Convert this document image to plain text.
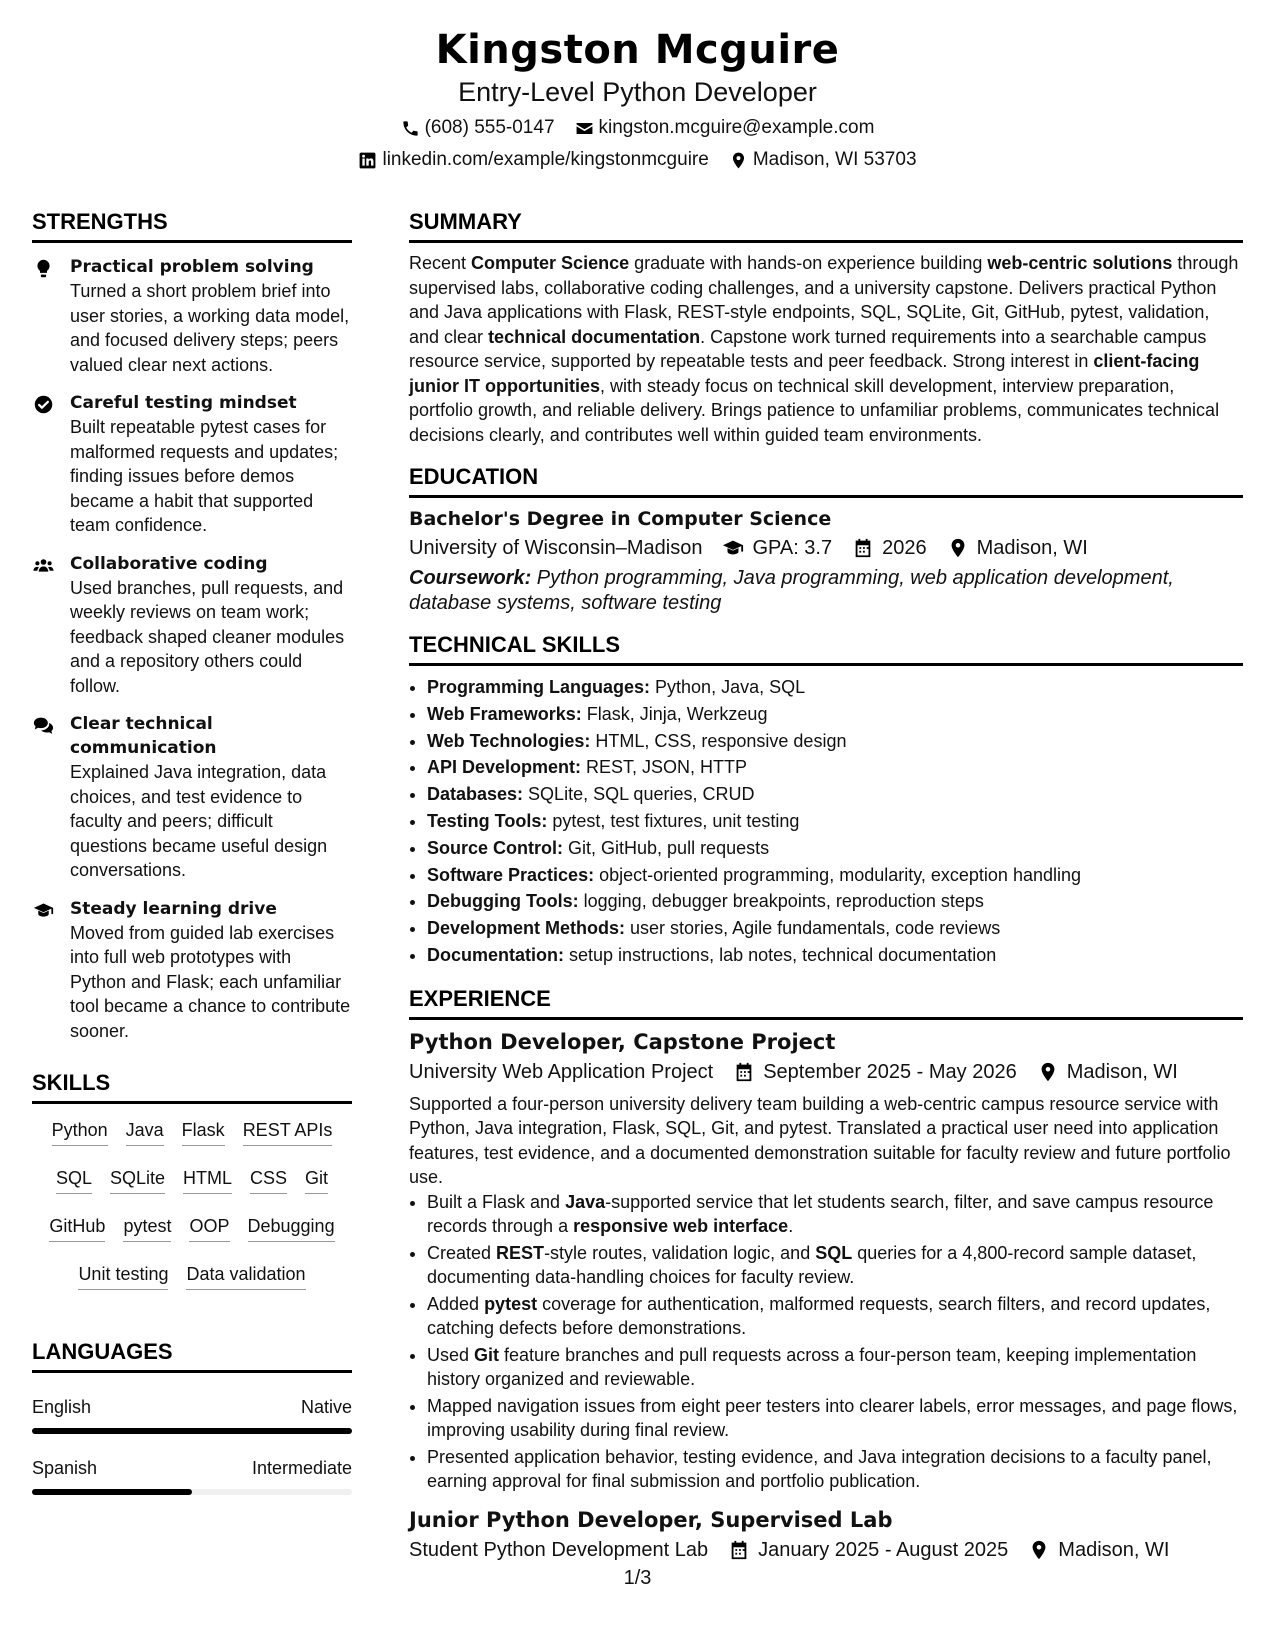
Kingston Mcguire
Entry-Level Python Developer
(608) 555-0147 kingston.mcguire@example.com
linkedin.com/example/kingstonmcguire Madison, WI 53703
STRENGTHS
Practical problem solving
Turned a short problem brief into user stories, a working data model, and focused delivery steps; peers valued clear next actions.
Careful testing mindset
Built repeatable pytest cases for malformed requests and updates; finding issues before demos became a habit that supported team confidence.
Collaborative coding
Used branches, pull requests, and weekly reviews on team work; feedback shaped cleaner modules and a repository others could follow.
Clear technical communication
Explained Java integration, data choices, and test evidence to faculty and peers; difficult questions became useful design conversations.
Steady learning drive
Moved from guided lab exercises into full web prototypes with Python and Flask; each unfamiliar tool became a chance to contribute sooner.
SKILLS
Python Java Flask REST APIs
SQL SQLite HTML CSS Git
GitHub pytest OOP Debugging
Unit testing Data validation
LANGUAGES
English	Native
Spanish	Intermediate
SUMMARY
Recent Computer Science graduate with hands-on experience building web-centric solutions through supervised labs, collaborative coding challenges, and a university capstone. Delivers practical Python and Java applications with Flask, REST-style endpoints, SQL, SQLite, Git, GitHub, pytest, validation, and clear technical documentation. Capstone work turned requirements into a searchable campus resource service, supported by repeatable tests and peer feedback. Strong interest in client-facing junior IT opportunities, with steady focus on technical skill development, interview preparation, portfolio growth, and reliable delivery. Brings patience to unfamiliar problems, communicates technical decisions clearly, and contributes well within guided team environments.
EDUCATION
Bachelor's Degree in Computer Science
University of Wisconsin–Madison	GPA: 3.7	2026	Madison, WI
Coursework: Python programming, Java programming, web application development, database systems, software testing
TECHNICAL SKILLS
• Programming Languages: Python, Java, SQL
• Web Frameworks: Flask, Jinja, Werkzeug
• Web Technologies: HTML, CSS, responsive design
• API Development: REST, JSON, HTTP
• Databases: SQLite, SQL queries, CRUD
• Testing Tools: pytest, test fixtures, unit testing
• Source Control: Git, GitHub, pull requests
• Software Practices: object-oriented programming, modularity, exception handling
• Debugging Tools: logging, debugger breakpoints, reproduction steps
• Development Methods: user stories, Agile fundamentals, code reviews
• Documentation: setup instructions, lab notes, technical documentation
EXPERIENCE
Python Developer, Capstone Project
University Web Application Project	September 2025 - May 2026	Madison, WI
Supported a four-person university delivery team building a web-centric campus resource service with Python, Java integration, Flask, SQL, Git, and pytest. Translated a practical user need into application features, test evidence, and a documented demonstration suitable for faculty review and future portfolio use.
• Built a Flask and Java-supported service that let students search, filter, and save campus resource records through a responsive web interface.
• Created REST-style routes, validation logic, and SQL queries for a 4,800-record sample dataset, documenting data-handling choices for faculty review.
• Added pytest coverage for authentication, malformed requests, search filters, and record updates, catching defects before demonstrations.
• Used Git feature branches and pull requests across a four-person team, keeping implementation history organized and reviewable.
• Mapped navigation issues from eight peer testers into clearer labels, error messages, and page flows, improving usability during final review.
• Presented application behavior, testing evidence, and Java integration decisions to a faculty panel, earning approval for final submission and portfolio publication.
Junior Python Developer, Supervised Lab
Student Python Development Lab	January 2025 - August 2025	Madison, WI
1/3
